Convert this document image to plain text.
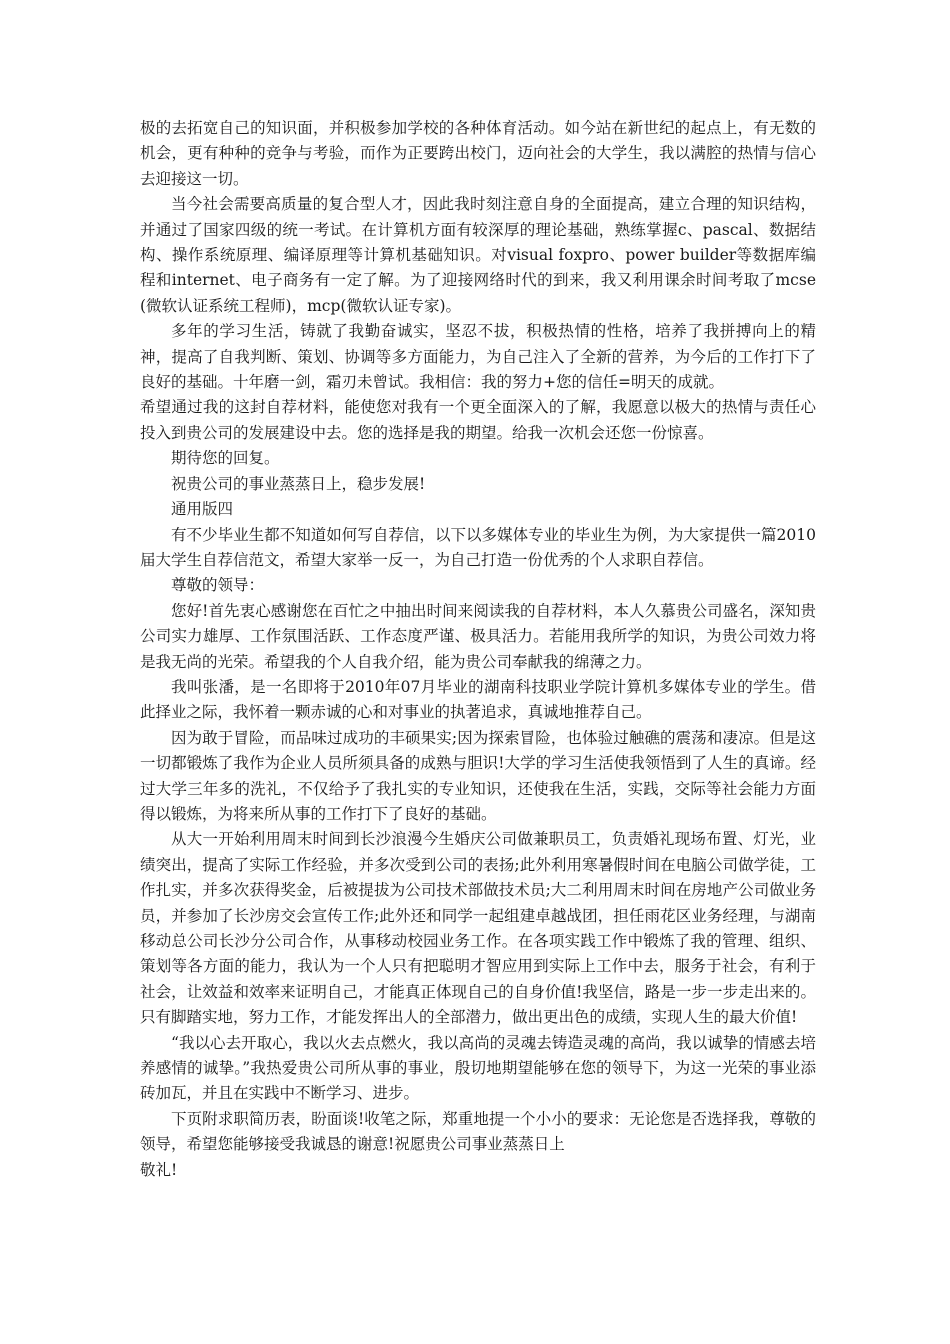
极的去拓宽自己的知识面，并积极参加学校的各种体育活动。如今站在新世纪的起点上，有无数的机会，更有种种的竞争与考验，而作为正要跨出校门，迈向社会的大学生，我以满腔的热情与信心去迎接这一切。

当今社会需要高质量的复合型人才，因此我时刻注意自身的全面提高，建立合理的知识结构，并通过了国家四级的统一考试。在计算机方面有较深厚的理论基础，熟练掌握c、pascal、数据结构、操作系统原理、编译原理等计算机基础知识。对visual foxpro、power builder等数据库编程和internet、电子商务有一定了解。为了迎接网络时代的到来，我又利用课余时间考取了mcse(微软认证系统工程师)，mcp(微软认证专家)。

多年的学习生活，铸就了我勤奋诚实，坚忍不拔，积极热情的性格，培养了我拼搏向上的精神，提高了自我判断、策划、协调等多方面能力，为自己注入了全新的营养，为今后的工作打下了良好的基础。十年磨一剑，霜刃未曾试。我相信：我的努力+您的信任=明天的成就。

希望通过我的这封自荐材料，能使您对我有一个更全面深入的了解，我愿意以极大的热情与责任心投入到贵公司的发展建设中去。您的选择是我的期望。给我一次机会还您一份惊喜。

期待您的回复。

祝贵公司的事业蒸蒸日上，稳步发展!

通用版四

有不少毕业生都不知道如何写自荐信，以下以多媒体专业的毕业生为例，为大家提供一篇2010届大学生自荐信范文，希望大家举一反一，为自己打造一份优秀的个人求职自荐信。

尊敬的领导：

您好!首先衷心感谢您在百忙之中抽出时间来阅读我的自荐材料，本人久慕贵公司盛名，深知贵公司实力雄厚、工作氛围活跃、工作态度严谨、极具活力。若能用我所学的知识，为贵公司效力将是我无尚的光荣。希望我的个人自我介绍，能为贵公司奉献我的绵薄之力。

我叫张潘，是一名即将于2010年07月毕业的湖南科技职业学院计算机多媒体专业的学生。借此择业之际，我怀着一颗赤诚的心和对事业的执著追求，真诚地推荐自己。

因为敢于冒险，而品味过成功的丰硕果实;因为探索冒险，也体验过触礁的震荡和凄凉。但是这一切都锻炼了我作为企业人员所须具备的成熟与胆识!大学的学习生活使我领悟到了人生的真谛。经过大学三年多的洗礼，不仅给予了我扎实的专业知识，还使我在生活，实践，交际等社会能力方面得以锻炼，为将来所从事的工作打下了良好的基础。

从大一开始利用周末时间到长沙浪漫今生婚庆公司做兼职员工，负责婚礼现场布置、灯光，业绩突出，提高了实际工作经验，并多次受到公司的表扬;此外利用寒暑假时间在电脑公司做学徒，工作扎实，并多次获得奖金，后被提拔为公司技术部做技术员;大二利用周末时间在房地产公司做业务员，并参加了长沙房交会宣传工作;此外还和同学一起组建卓越战团，担任雨花区业务经理，与湖南移动总公司长沙分公司合作，从事移动校园业务工作。在各项实践工作中锻炼了我的管理、组织、策划等各方面的能力，我认为一个人只有把聪明才智应用到实际上工作中去，服务于社会，有利于社会，让效益和效率来证明自己，才能真正体现自己的自身价值!我坚信，路是一步一步走出来的。只有脚踏实地，努力工作，才能发挥出人的全部潜力，做出更出色的成绩，实现人生的最大价值!

“我以心去开取心，我以火去点燃火，我以高尚的灵魂去铸造灵魂的高尚，我以诚挚的情感去培养感情的诚挚。”我热爱贵公司所从事的事业，殷切地期望能够在您的领导下，为这一光荣的事业添砖加瓦，并且在实践中不断学习、进步。

下页附求职简历表，盼面谈!收笔之际，郑重地提一个小小的要求：无论您是否选择我，尊敬的领导，希望您能够接受我诚恳的谢意!祝愿贵公司事业蒸蒸日上

敬礼!
